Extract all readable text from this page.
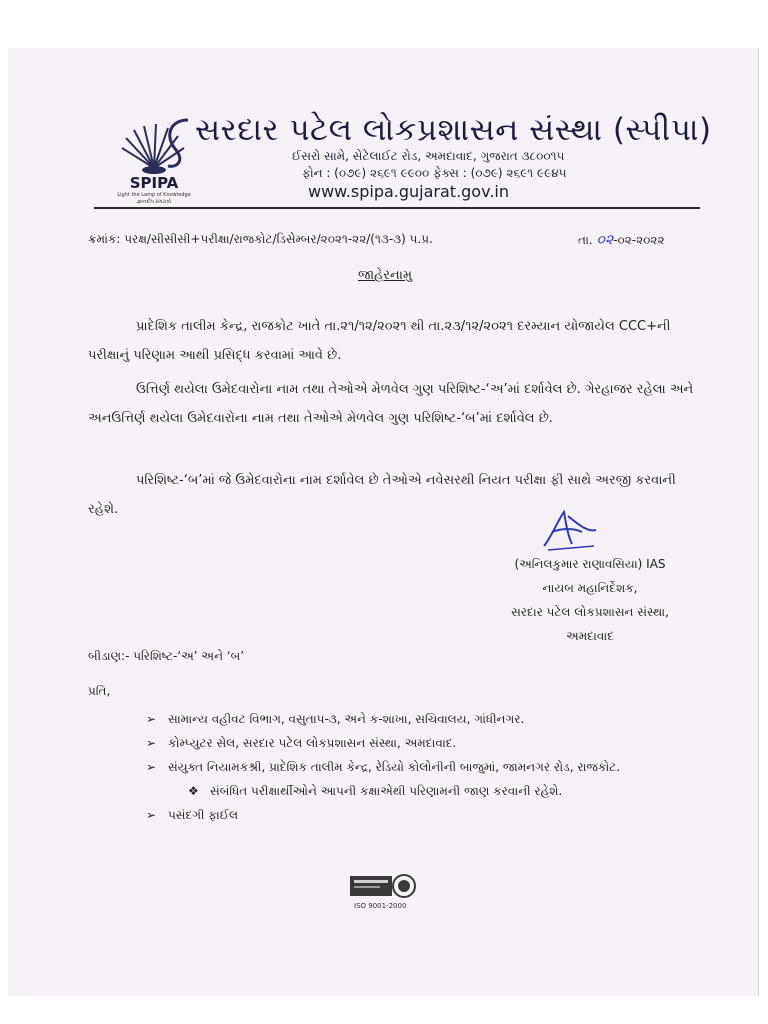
SPIPA
Light the Lamp of Knowledge
જ્ઞાનદીપ પ્રગટાવો
સરદાર પટેલ લોકપ્રશાસન સંસ્થા (સ્પીપા)
ઈસરો સામે, સેટેલાઈટ રોડ, અમદાવાદ, ગુજરાત ૩૮૦૦૧૫
ફોન : (૦૭૯) ૨૬૯૧ ૯૯૦૦ ફેક્સ : (૦૭૯) ૨૬૯૧ ૯૯૪૫
www.spipa.gujarat.gov.in
ક્રમાંક: પરક્ષ/સીસીસી+પરીક્ષા/રાજકોટ/ડિસેમ્બર/૨૦૨૧-૨૨/(૧૩-૩) પ.પ્ર.	તા. ૦૨-૦૨-૨૦૨૨
જાહેરનામુ
પ્રાદેશિક તાલીમ કેન્દ્ર, રાજકોટ ખાતે તા.૨૧/૧૨/૨૦૨૧ થી તા.૨૩/૧૨/૨૦૨૧ દરમ્યાન યોજાયેલ CCC+ની પરીક્ષાનું પરિણામ આથી પ્રસિદ્ધ કરવામાં આવે છે.
ઉત્તિર્ણ થયેલા ઉમેદવારોના નામ તથા તેઓએ મેળવેલ ગુણ પરિશિષ્ટ-‘અ’માં દર્શાવેલ છે. ગેરહાજર રહેલા અને અનઉત્તિર્ણ થયેલા ઉમેદવારોના નામ તથા તેઓએ મેળવેલ ગુણ પરિશિષ્ટ-‘બ’માં દર્શાવેલ છે.
પરિશિષ્ટ-‘બ’માં જે ઉમેદવારોના નામ દર્શાવેલ છે તેઓએ નવેસરથી નિયત પરીક્ષા ફી સાથે અરજી કરવાની રહેશે.
(અનિલકુમાર રાણાવસિયા) IAS
નાયબ મહાનિર્દેશક,
સરદાર પટેલ લોકપ્રશાસન સંસ્થા,
અમદાવાદ
બીડાણ:- પરિશિષ્ટ-‘અ’ અને ‘બ’
પ્રતિ,
➢ સામાન્ય વહીવટ વિભાગ, વસુતાપ-૩, અને ક-શાખા, સચિવાલય, ગાંધીનગર.
➢ કોમ્પ્યુટર સેલ, સરદાર પટેલ લોકપ્રશાસન સંસ્થા, અમદાવાદ.
➢ સંયુક્ત નિયામકશ્રી, પ્રાદેશિક તાલીમ કેન્દ્ર, રેડિયો કોલોનીની બાજુમાં, જામનગર રોડ, રાજકોટ.
❖ સંબંધિત પરીક્ષાર્થીઓને આપની કક્ષાએથી પરિણામની જાણ કરવાની રહેશે.
➢ પસંદગી ફાઈલ
ISO 9001-2000
